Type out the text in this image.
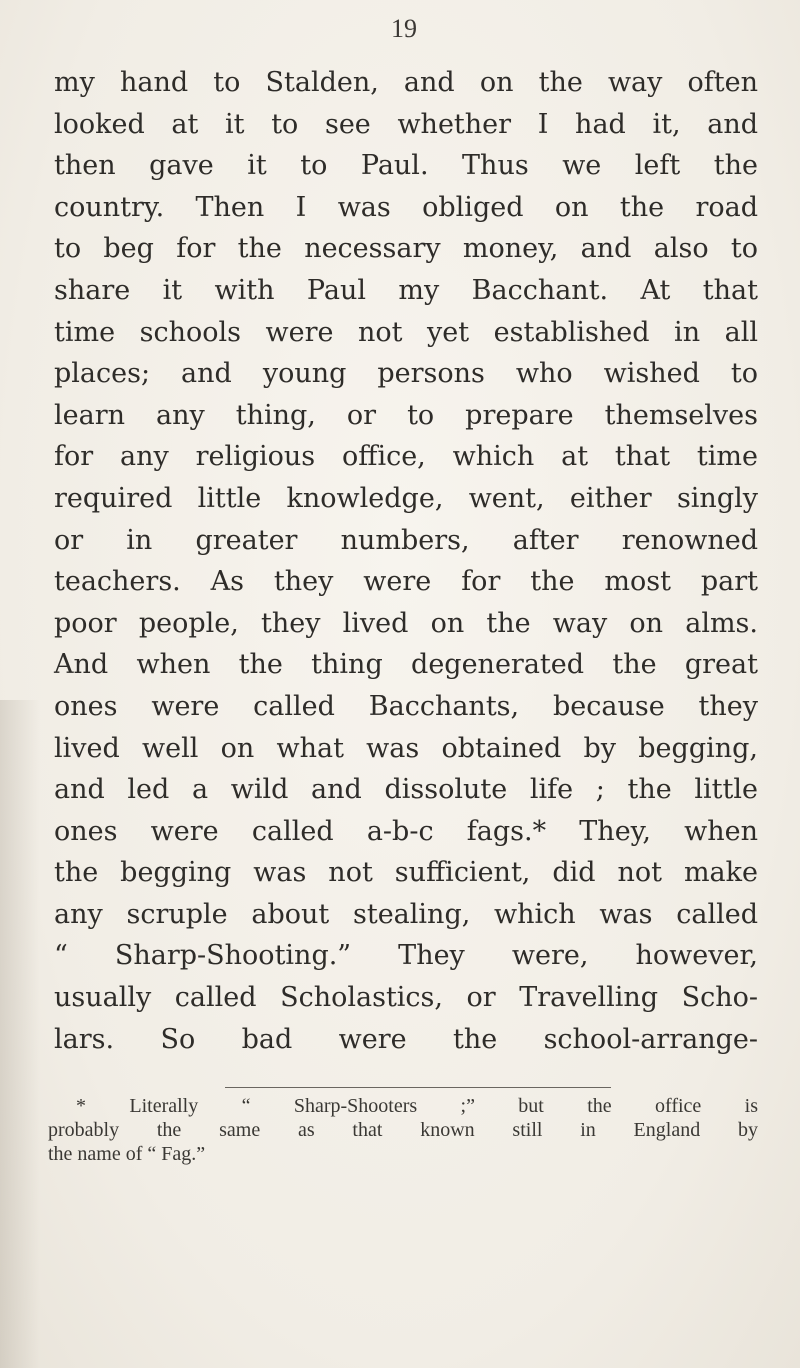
19
my hand to Stalden, and on the way often
looked at it to see whether I had it, and
then gave it to Paul. Thus we left the
country. Then I was obliged on the road
to beg for the necessary money, and also to
share it with Paul my Bacchant. At that
time schools were not yet established in all
places; and young persons who wished to
learn any thing, or to prepare themselves
for any religious office, which at that time
required little knowledge, went, either singly
or in greater numbers, after renowned
teachers. As they were for the most part
poor people, they lived on the way on alms.
And when the thing degenerated the great
ones were called Bacchants, because they
lived well on what was obtained by begging,
and led a wild and dissolute life ; the little
ones were called a-b-c fags.* They, when
the begging was not sufficient, did not make
any scruple about stealing, which was called
“ Sharp-Shooting.” They were, however,
usually called Scholastics, or Travelling Scho-
lars. So bad were the school-arrange-
* Literally “ Sharp-Shooters ;” but the office is
probably the same as that known still in England by
the name of “ Fag.”
